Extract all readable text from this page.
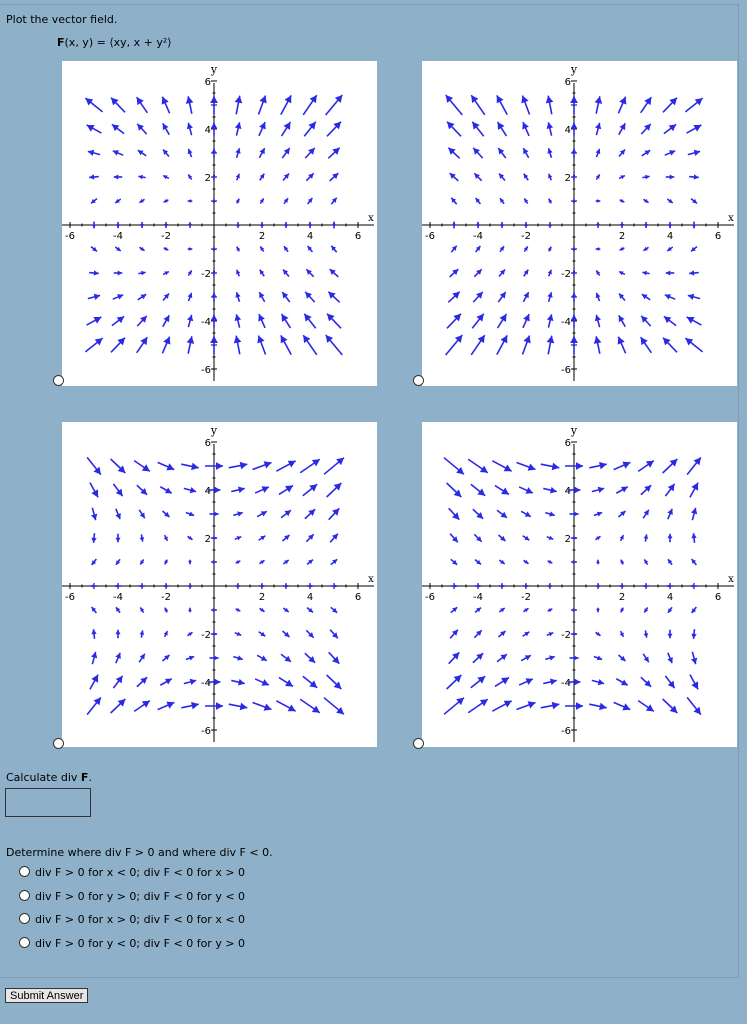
Plot the vector field.
F(x, y) = ⟨xy, x + y²⟩
-6	-4	-2	2	4	6
6
4
2
-2
-4
-6
x
y
-6	-4	-2	2	4	6
6
4
2
-2
-4
-6
x
y
-6	-4	-2	2	4	6
6
4
2
-2
-4
-6
x
y
-6	-4	-2	2	4	6
6
4
2
-2
-4
-6
x
y
Calculate div F.
Determine where div F > 0 and where div F < 0.
div F > 0 for x < 0; div F < 0 for x > 0
div F > 0 for y > 0; div F < 0 for y < 0
div F > 0 for x > 0; div F < 0 for x < 0
div F > 0 for y < 0; div F < 0 for y > 0
Submit Answer
